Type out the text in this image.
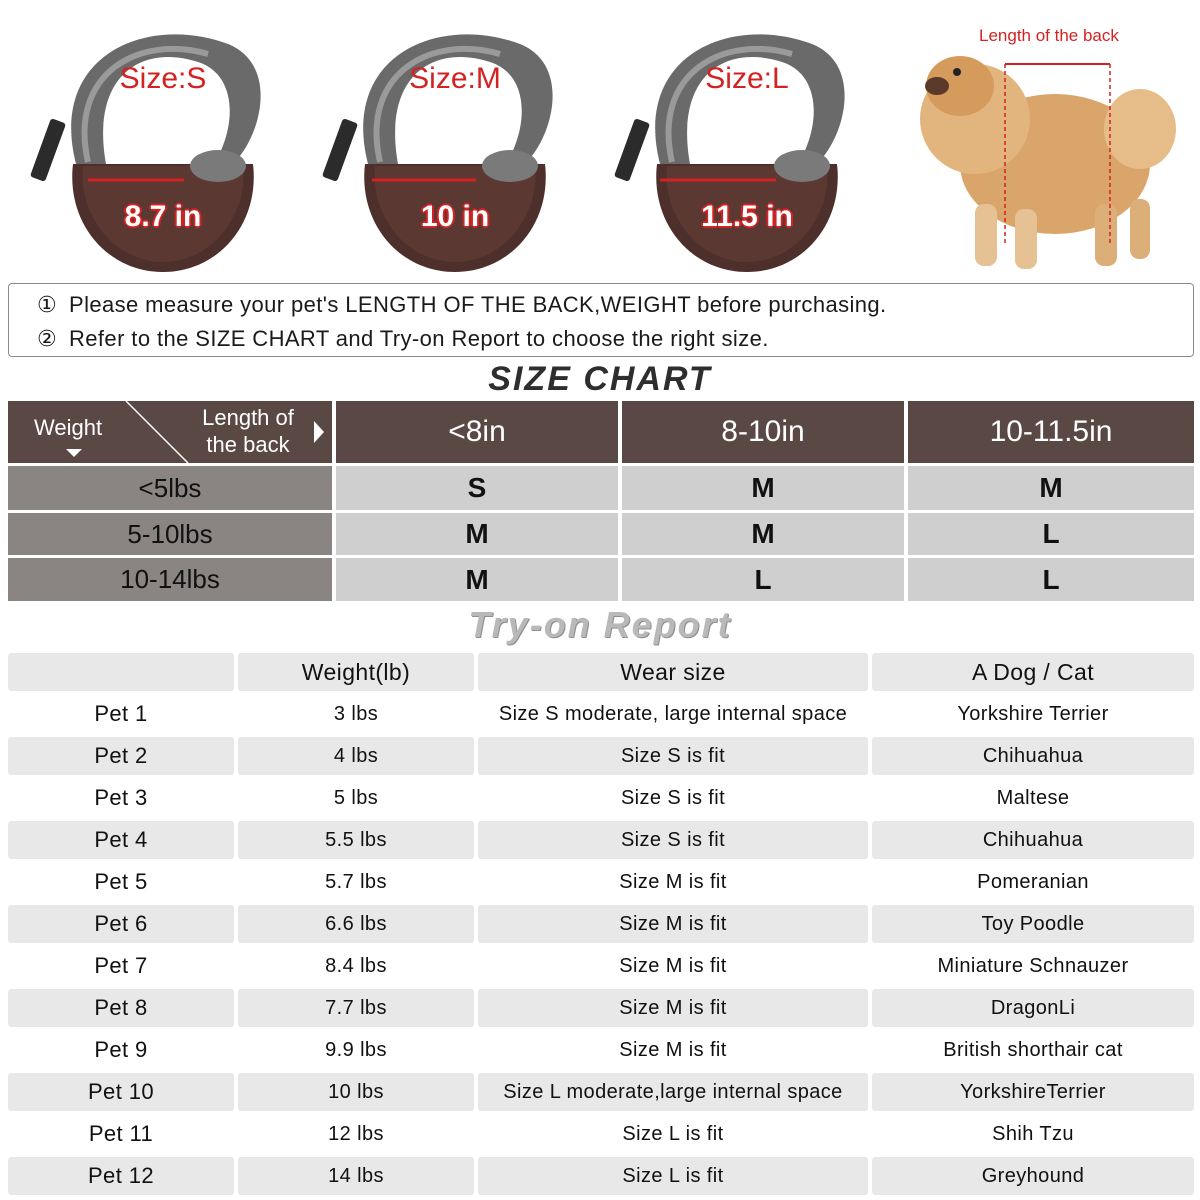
Size:S
8.7 in
Size:M
10 in
Size:L
11.5 in
Length of the back
① Please measure your pet's LENGTH OF THE BACK,WEIGHT before purchasing.
② Refer to the SIZE CHART and Try-on Report to choose the right size.
SIZE CHART
Weight	Length of the back	<8in	8-10in	10-11.5in
<5lbs	S	M	M
5-10lbs	M	M	L
10-14lbs	M	L	L
Try-on Report
Weight(lb)	Wear size	A Dog / Cat
Pet 1	3 lbs	Size S moderate, large internal space	Yorkshire Terrier
Pet 2	4 lbs	Size S is fit	Chihuahua
Pet 3	5 lbs	Size S is fit	Maltese
Pet 4	5.5 lbs	Size S is fit	Chihuahua
Pet 5	5.7 lbs	Size M is fit	Pomeranian
Pet 6	6.6 lbs	Size M is fit	Toy Poodle
Pet 7	8.4 lbs	Size M is fit	Miniature Schnauzer
Pet 8	7.7 lbs	Size M is fit	DragonLi
Pet 9	9.9 lbs	Size M is fit	British shorthair cat
Pet 10	10 lbs	Size L moderate,large internal space	YorkshireTerrier
Pet 11	12 lbs	Size L is fit	Shih Tzu
Pet 12	14 lbs	Size L is fit	Greyhound
